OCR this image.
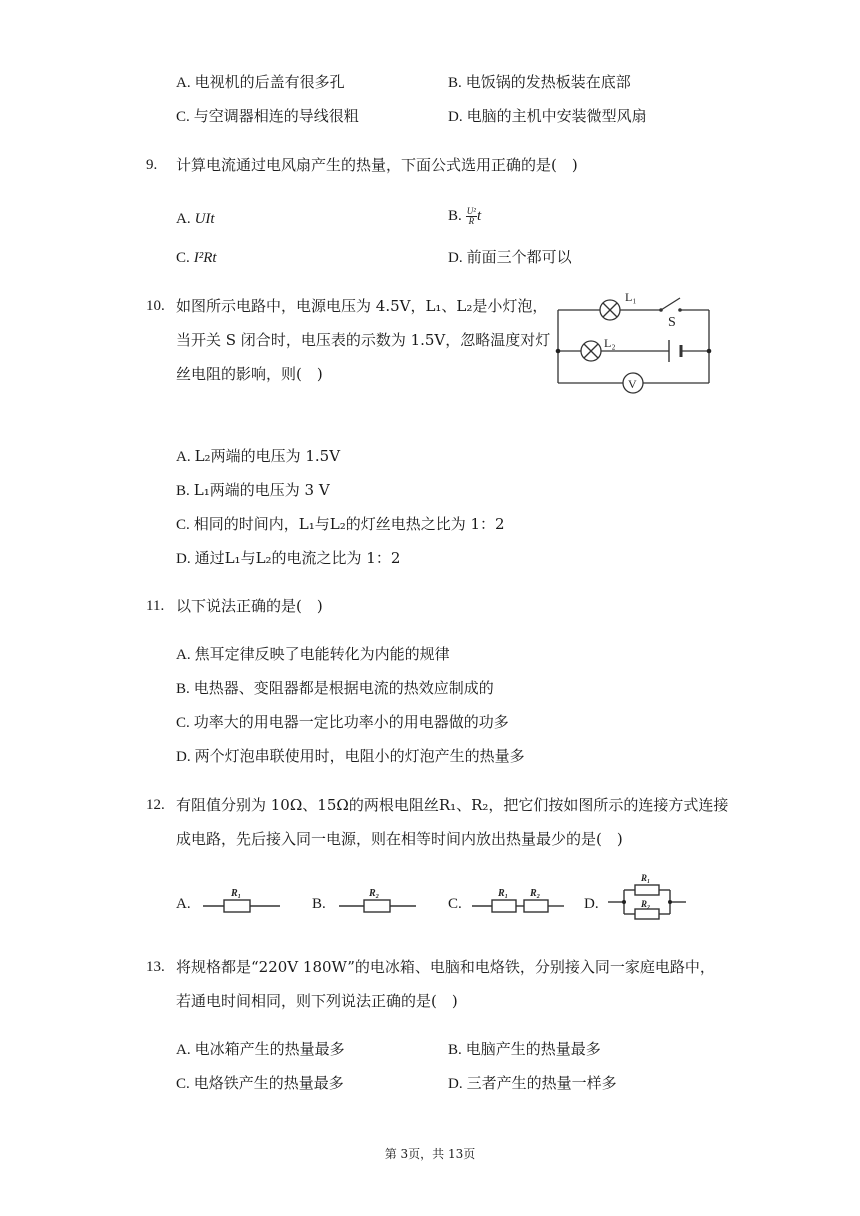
A. 电视机的后盖有很多孔	B. 电饭锅的发热板装在底部
C. 与空调器相连的导线很粗	D. 电脑的主机中安装微型风扇
9. 计算电流通过电风扇产生的热量，下面公式选用正确的是(　)
A. UIt	B. $\frac{\text{U²}}{R}$ t
C. I²Rt	D. 前面三个都可以
10. 如图所示电路中，电源电压为 4.5V，L₁、L₂是小灯泡，
当开关 S 闭合时，电压表的示数为 1.5V，忽略温度对灯
丝电阻的影响，则(　)
L₁
L₂
S
V
A. L₂两端的电压为 1.5V
B. L₁两端的电压为 3 V
C. 相同的时间内，L₁与L₂的灯丝电热之比为 1：2
D. 通过L₁与L₂的电流之比为 1：2
11. 以下说法正确的是(　)
A. 焦耳定律反映了电能转化为内能的规律
B. 电热器、变阻器都是根据电流的热效应制成的
C. 功率大的用电器一定比功率小的用电器做的功多
D. 两个灯泡串联使用时，电阻小的灯泡产生的热量多
12. 有阻值分别为 10Ω、15Ω的两根电阻丝R₁、R₂，把它们按如图所示的连接方式连接
成电路，先后接入同一电源，则在相等时间内放出热量最少的是(　)
A.
R₁
B.
R₂
C.
R₁ R₂
D.
R₁
R₂
13. 将规格都是“220V 180W”的电冰箱、电脑和电烙铁，分别接入同一家庭电路中，
若通电时间相同，则下列说法正确的是(　)
A. 电冰箱产生的热量最多	B. 电脑产生的热量最多
C. 电烙铁产生的热量最多	D. 三者产生的热量一样多
第 3页，共 13页
